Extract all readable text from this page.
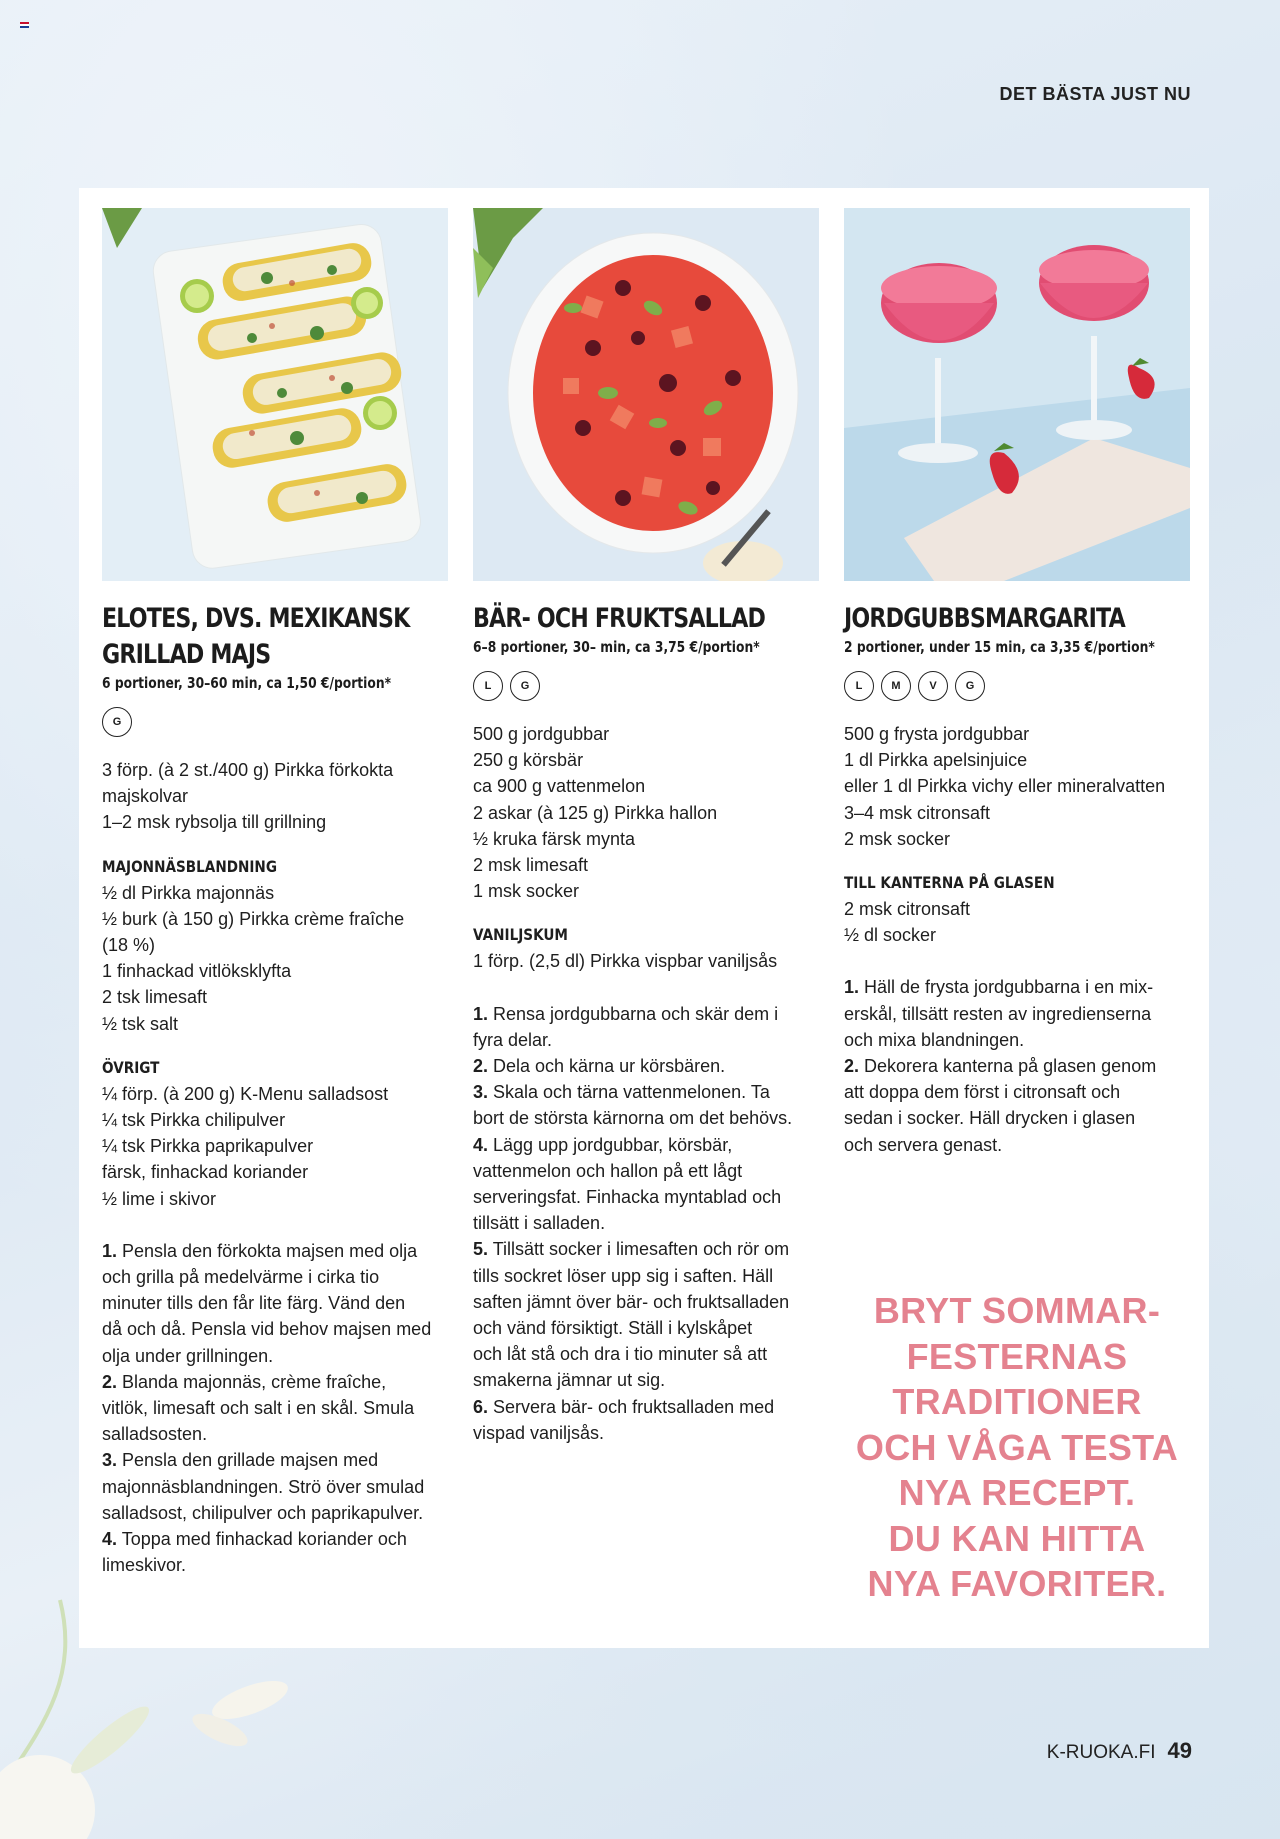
DET BÄSTA JUST NU
ELOTES, DVS. MEXIKANSK
GRILLAD MAJS
6 portioner, 30–60 min, ca 1,50 €/portion*
G
3 förp. (à 2 st./400 g) Pirkka förkokta
majskolvar
1–2 msk rybsolja till grillning
MAJONNÄSBLANDNING
½ dl Pirkka majonnäs
½ burk (à 150 g) Pirkka crème fraîche
(18 %)
1 finhackad vitlöksklyfta
2 tsk limesaft
½ tsk salt
ÖVRIGT
¼ förp. (à 200 g) K-Menu salladsost
¼ tsk Pirkka chilipulver
¼ tsk Pirkka paprikapulver
färsk, finhackad koriander
½ lime i skivor
1. Pensla den förkokta majsen med olja
och grilla på medelvärme i cirka tio
minuter tills den får lite färg. Vänd den
då och då. Pensla vid behov majsen med
olja under grillningen.
2. Blanda majonnäs, crème fraîche,
vitlök, limesaft och salt i en skål. Smula
salladsosten.
3. Pensla den grillade majsen med
majonnäsblandningen. Strö över smulad
salladsost, chilipulver och paprikapulver.
4. Toppa med finhackad koriander och
limeskivor.
BÄR- OCH FRUKTSALLAD
6–8 portioner, 30– min, ca 3,75 €/portion*
L	G
500 g jordgubbar
250 g körsbär
ca 900 g vattenmelon
2 askar (à 125 g) Pirkka hallon
½ kruka färsk mynta
2 msk limesaft
1 msk socker
VANILJSKUM
1 förp. (2,5 dl) Pirkka vispbar vaniljsås
1. Rensa jordgubbarna och skär dem i
fyra delar.
2. Dela och kärna ur körsbären.
3. Skala och tärna vattenmelonen. Ta
bort de största kärnorna om det behövs.
4. Lägg upp jordgubbar, körsbär,
vattenmelon och hallon på ett lågt
serveringsfat. Finhacka myntablad och
tillsätt i salladen.
5. Tillsätt socker i limesaften och rör om
tills sockret löser upp sig i saften. Häll
saften jämnt över bär- och fruktsalladen
och vänd försiktigt. Ställ i kylskåpet
och låt stå och dra i tio minuter så att
smakerna jämnar ut sig.
6. Servera bär- och fruktsalladen med
vispad vaniljsås.
JORDGUBBSMARGARITA
2 portioner, under 15 min, ca 3,35 €/portion*
L	M	V	G
500 g frysta jordgubbar
1 dl Pirkka apelsinjuice
eller 1 dl Pirkka vichy eller mineralvatten
3–4 msk citronsaft
2 msk socker
TILL KANTERNA PÅ GLASEN
2 msk citronsaft
½ dl socker
1. Häll de frysta jordgubbarna i en mix-
erskål, tillsätt resten av ingredienserna
och mixa blandningen.
2. Dekorera kanterna på glasen genom
att doppa dem först i citronsaft och
sedan i socker. Häll drycken i glasen
och servera genast.
BRYT SOMMAR-
FESTERNAS
TRADITIONER
OCH VÅGA TESTA
NYA RECEPT.
DU KAN HITTA
NYA FAVORITER.
K-RUOKA.FI 49
